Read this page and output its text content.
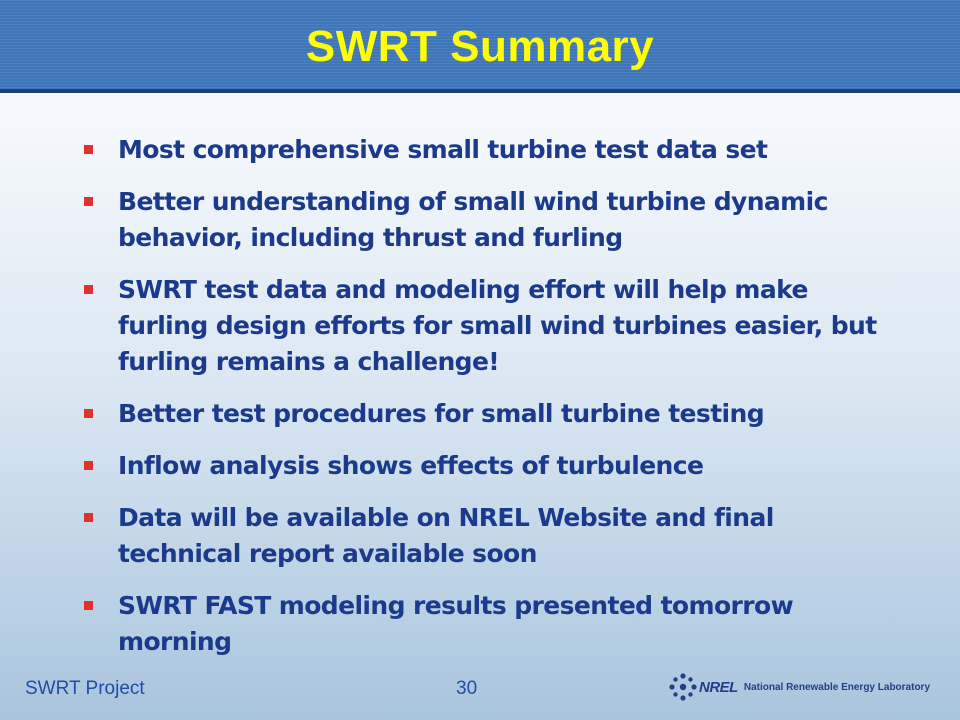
SWRT Summary
Most comprehensive small turbine test data set
Better understanding of small wind turbine dynamic behavior, including thrust and furling
SWRT test data and modeling effort will help make furling design efforts for small wind turbines easier, but furling remains a challenge!
Better test procedures for small turbine testing
Inflow analysis shows effects of turbulence
Data will be available on NREL Website and final technical report available soon
SWRT FAST modeling results presented tomorrow morning
SWRT Project	30	NREL National Renewable Energy Laboratory
